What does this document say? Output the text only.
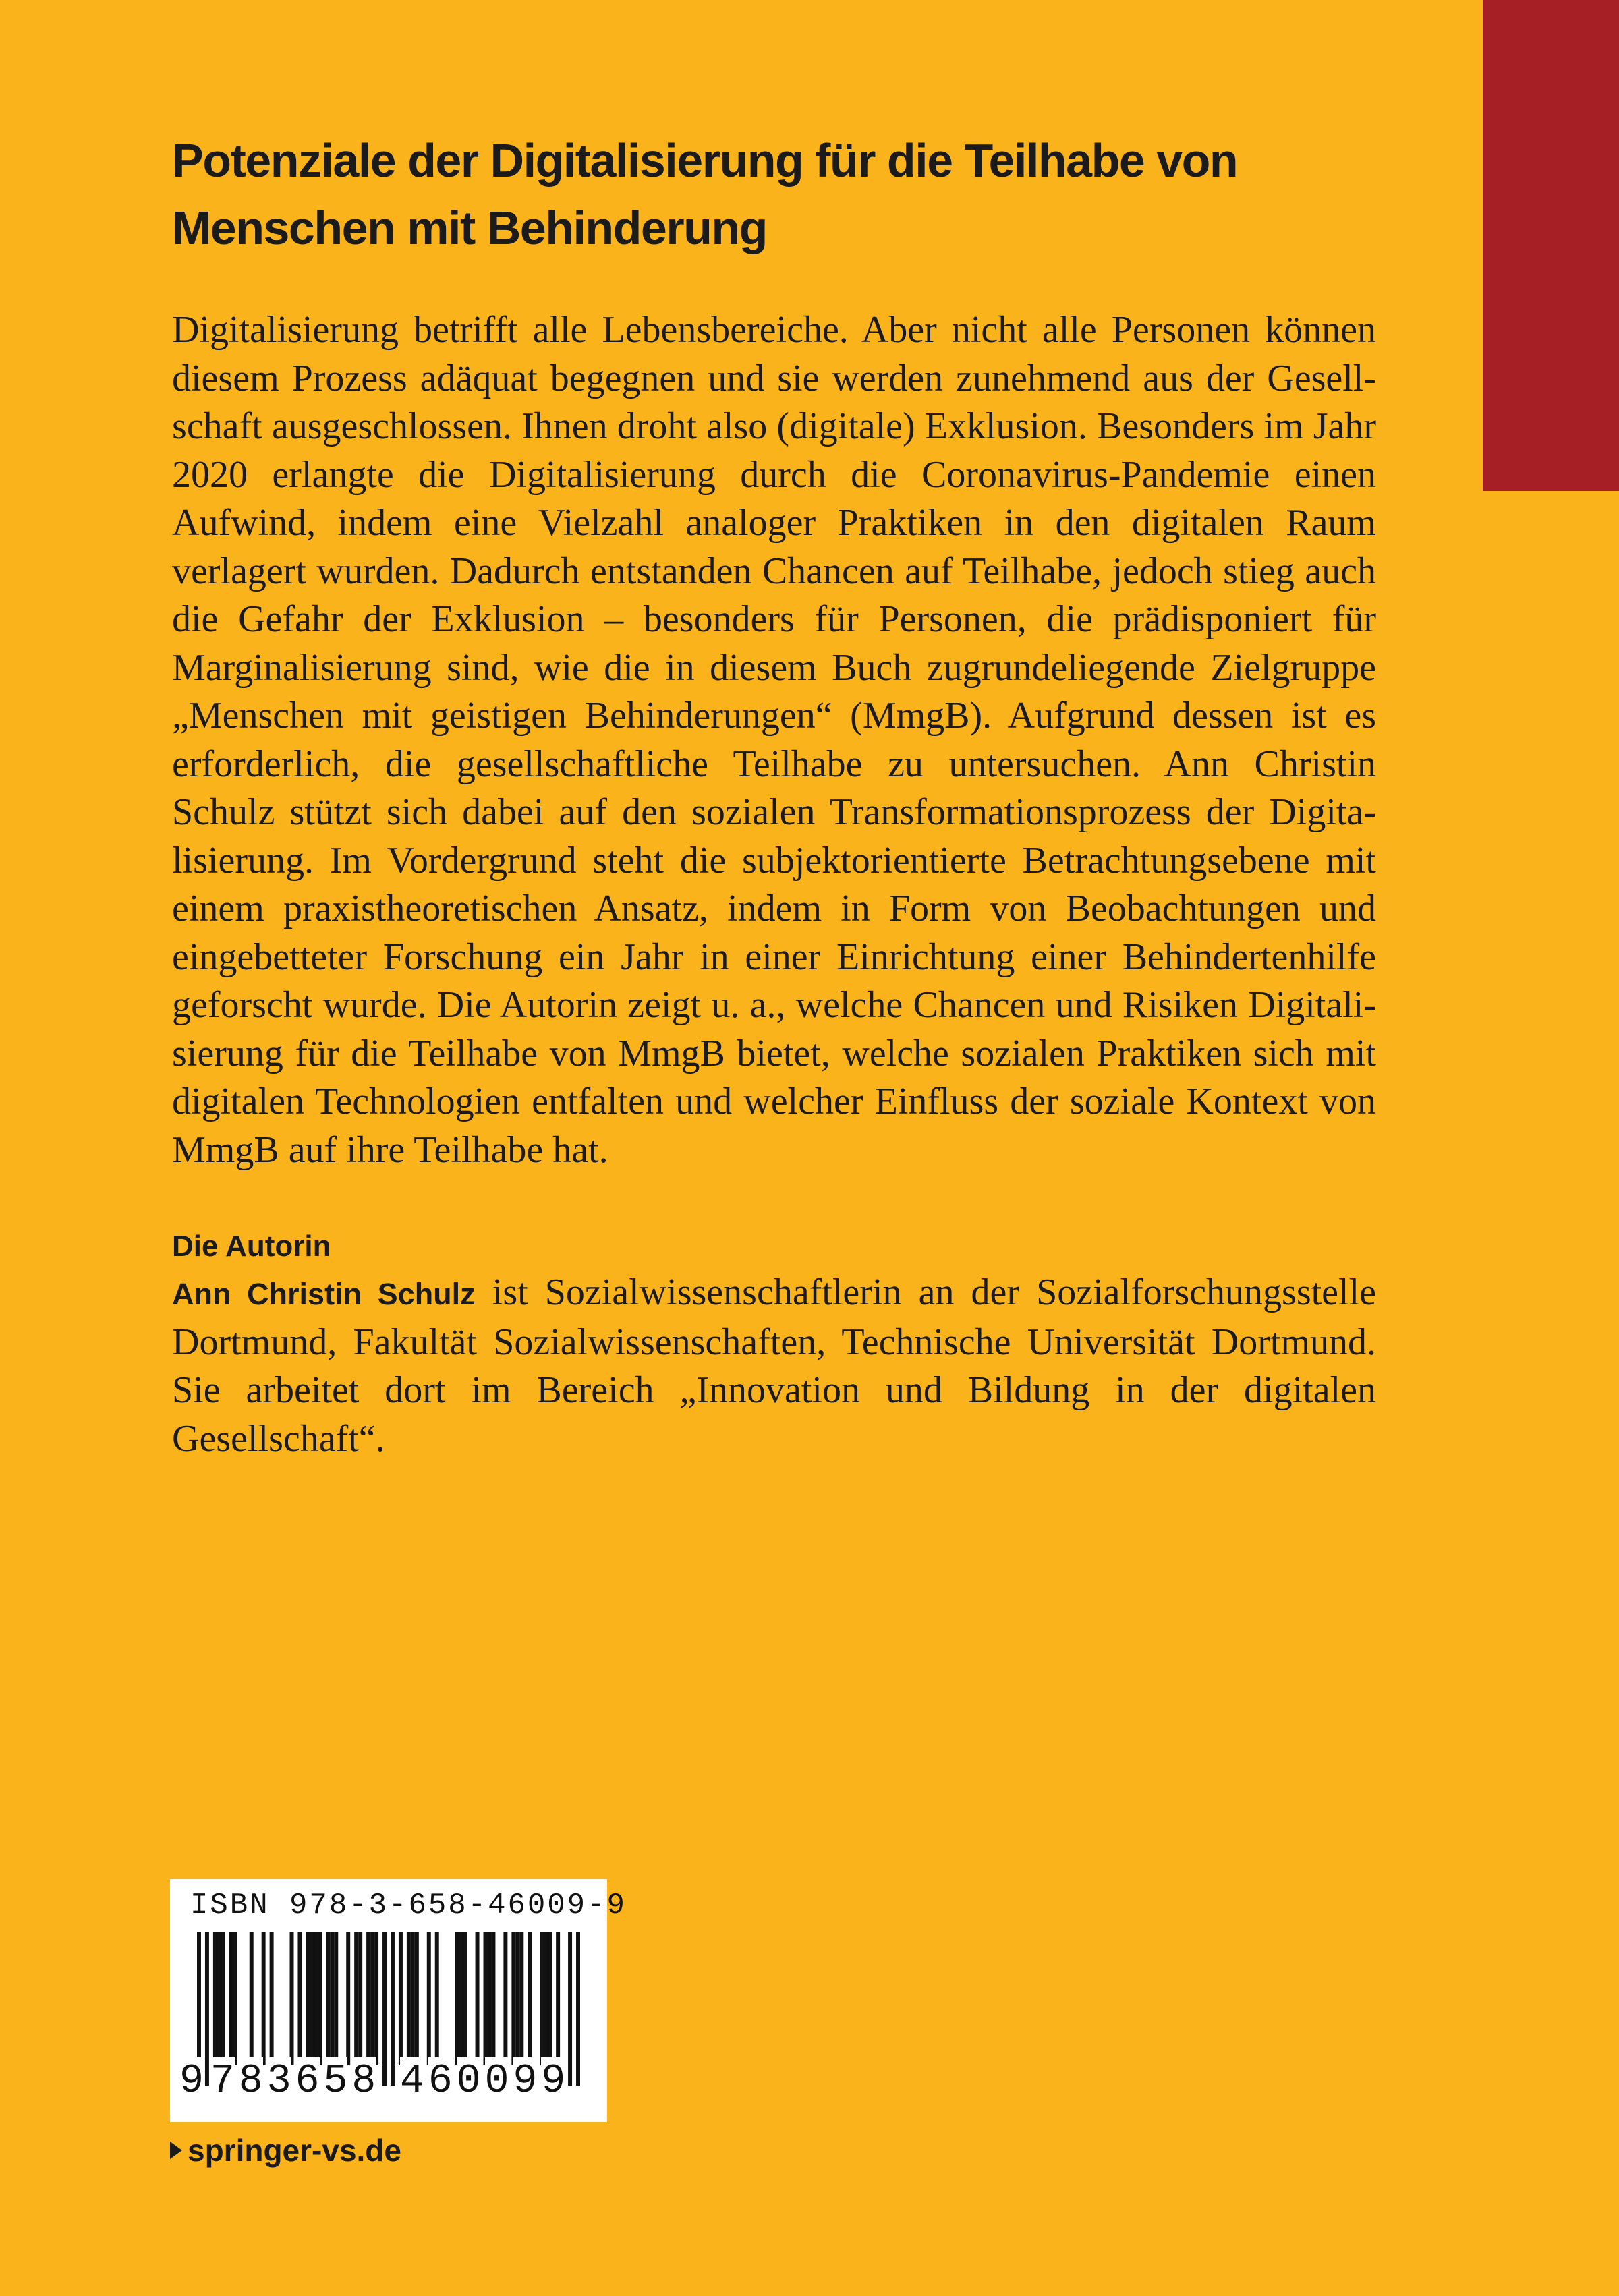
Potenziale der Digitalisierung für die Teilhabe von Menschen mit Behinderung

Digitalisierung betrifft alle Lebensbereiche. Aber nicht alle Personen können diesem Prozess adäquat begegnen und sie werden zunehmend aus der Gesellschaft ausgeschlossen. Ihnen droht also (digitale) Exklusion. Besonders im Jahr 2020 erlangte die Digitalisierung durch die Coronavirus-Pandemie einen Aufwind, indem eine Vielzahl analoger Praktiken in den digitalen Raum verlagert wurden. Dadurch entstanden Chancen auf Teilhabe, jedoch stieg auch die Gefahr der Exklusion – besonders für Personen, die prädisponiert für Marginalisierung sind, wie die in diesem Buch zugrundeliegende Zielgruppe „Menschen mit geistigen Behinderungen“ (MmgB). Aufgrund dessen ist es erforderlich, die gesellschaftliche Teilhabe zu untersuchen. Ann Christin Schulz stützt sich dabei auf den sozialen Transformationsprozess der Digitalisierung. Im Vordergrund steht die subjektorientierte Betrachtungsebene mit einem praxistheoretischen Ansatz, indem in Form von Beobachtungen und eingebetteter Forschung ein Jahr in einer Einrichtung einer Behindertenhilfe geforscht wurde. Die Autorin zeigt u. a., welche Chancen und Risiken Digitalisierung für die Teilhabe von MmgB bietet, welche sozialen Praktiken sich mit digitalen Technologien entfalten und welcher Einfluss der soziale Kontext von MmgB auf ihre Teilhabe hat.

Die Autorin

Ann Christin Schulz ist Sozialwissenschaftlerin an der Sozialforschungsstelle Dortmund, Fakultät Sozialwissenschaften, Technische Universität Dortmund. Sie arbeitet dort im Bereich „Innovation und Bildung in der digitalen Gesellschaft“.

ISBN 978-3-658-46009-9
9 7 8 3 6 5 8 4 6 0 0 9 9
springer-vs.de
